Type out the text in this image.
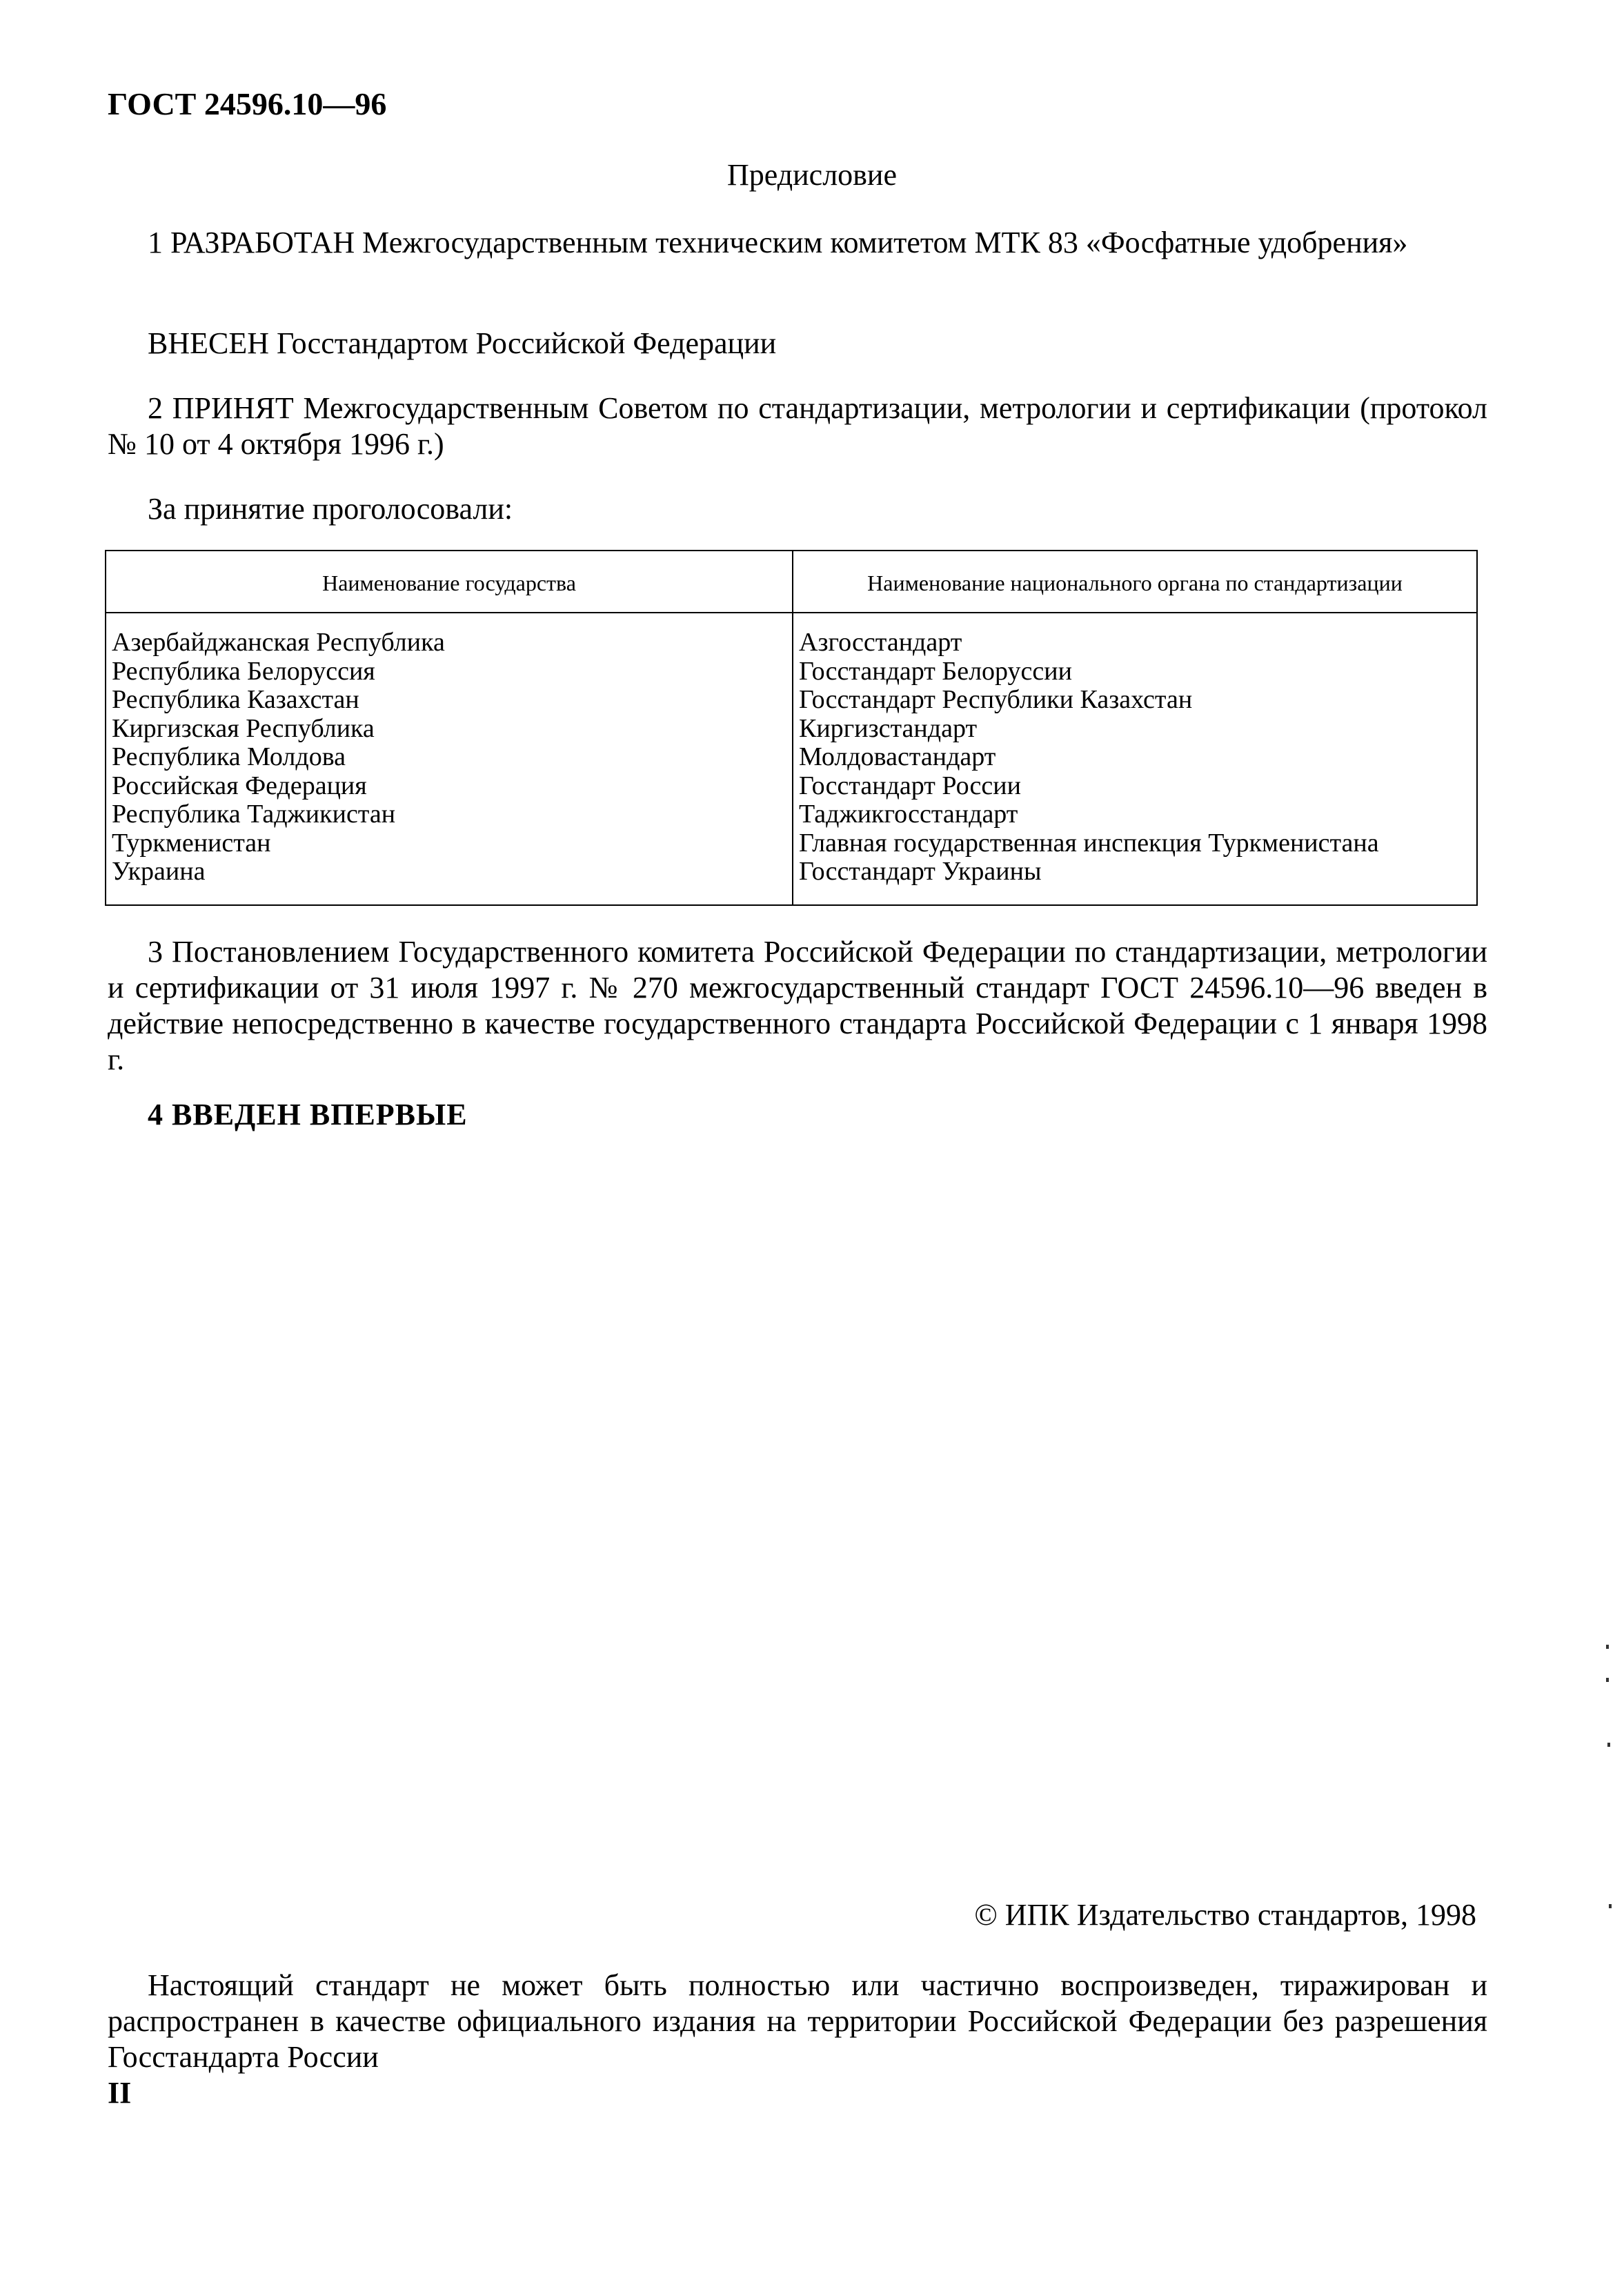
ГОСТ 24596.10—96
Предисловие
1 РАЗРАБОТАН Межгосударственным техническим комитетом МТК 83 «Фосфатные удобрения»
ВНЕСЕН Госстандартом Российской Федерации
2 ПРИНЯТ Межгосударственным Советом по стандартизации, метрологии и сертификации (протокол № 10 от 4 октября 1996 г.)
За принятие проголосовали:
Наименование государства	Наименование национального органа по стандартизации
Азербайджанская Республика
Республика Белоруссия
Республика Казахстан
Киргизская Республика
Республика Молдова
Российская Федерация
Республика Таджикистан
Туркменистан
Украина
Азгосстандарт
Госстандарт Белоруссии
Госстандарт Республики Казахстан
Киргизстандарт
Молдовастандарт
Госстандарт России
Таджикгосстандарт
Главная государственная инспекция Туркменистана
Госстандарт Украины
3 Постановлением Государственного комитета Российской Федерации по стандартизации, метрологии и сертификации от 31 июля 1997 г. № 270 межгосударственный стандарт ГОСТ 24596.10—96 введен в действие непосредственно в качестве государственного стандарта Российской Федерации с 1 января 1998 г.
4 ВВЕДЕН ВПЕРВЫЕ
© ИПК Издательство стандартов, 1998
Настоящий стандарт не может быть полностью или частично воспроизведен, тиражирован и распространен в качестве официального издания на территории Российской Федерации без разрешения Госстандарта России
II
